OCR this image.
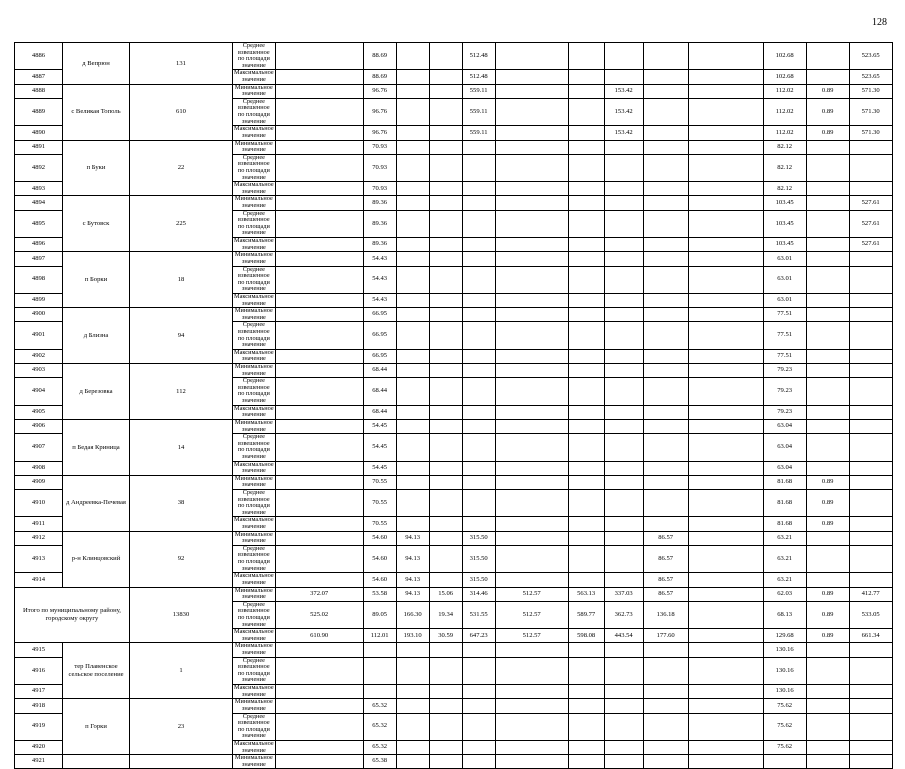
128
4886	д Вепрюн	131	Среднее взвешенное по площади значение		88.69			512.48						102.68		523.65
4887			Максимальное значение		88.69			512.48						102.68		523.65
4888	с Великая Тополь	610	Минимальное значение		96.76			559.11			153.42			112.02	0.89	571.30
4889			Среднее взвешенное по площади значение		96.76			559.11			153.42			112.02	0.89	571.30
4890			Максимальное значение		96.76			559.11			153.42			112.02	0.89	571.30
4891	п Буки	22	Минимальное значение		70.93									82.12		
4892			Среднее взвешенное по площади значение		70.93									82.12		
4893			Максимальное значение		70.93									82.12		
4894	с Бутовск	225	Минимальное значение		89.36									103.45		527.61
4895			Среднее взвешенное по площади значение		89.36									103.45		527.61
4896			Максимальное значение		89.36									103.45		527.61
4897	п Борки	18	Минимальное значение		54.43									63.01		
4898			Среднее взвешенное по площади значение		54.43									63.01		
4899			Максимальное значение		54.43									63.01		
4900	д Близна	94	Минимальное значение		66.95									77.51		
4901			Среднее взвешенное по площади значение		66.95									77.51		
4902			Максимальное значение		66.95									77.51		
4903	д Березовка	112	Минимальное значение		68.44									79.23		
4904			Среднее взвешенное по площади значение		68.44									79.23		
4905			Максимальное значение		68.44									79.23		
4906	п Бедая Криница	14	Минимальное значение		54.45									63.04		
4907			Среднее взвешенное по площади значение		54.45									63.04		
4908			Максимальное значение		54.45									63.04		
4909	д Андреевка-Печевая	38	Минимальное значение		70.55									81.68	0.89	
4910			Среднее взвешенное по площади значение		70.55									81.68	0.89	
4911			Максимальное значение		70.55									81.68	0.89	
4912	р-н Клинцовский	92	Минимальное значение		54.60	94.13		315.50				86.57		63.21		
4913			Среднее взвешенное по площади значение		54.60	94.13		315.50				86.57		63.21		
4914			Максимальное значение		54.60	94.13		315.50				86.57		63.21		
Итого по муниципальному району, городскому округу		13830	Минимальное значение	372.07	53.58	94.13	15.06	314.46	512.57	563.13	337.03	86.57		62.03	0.89	412.77
			Среднее взвешенное по площади значение	525.02	89.05	166.30	19.34	531.55	512.57	589.77	362.73	136.18		68.13	0.89	533.05
			Максимальное значение	610.90	112.01	193.10	30.59	647.23	512.57	598.08	443.54	177.60		129.68	0.89	661.34
4915	тер Плавенское сельское поселение	1	Минимальное значение											130.16		
4916			Среднее взвешенное по площади значение											130.16		
4917			Максимальное значение											130.16		
4918	п Горки	23	Минимальное значение		65.32									75.62		
4919			Среднее взвешенное по площади значение		65.32									75.62		
4920			Максимальное значение		65.32									75.62		
4921			Минимальное значение		65.38											
